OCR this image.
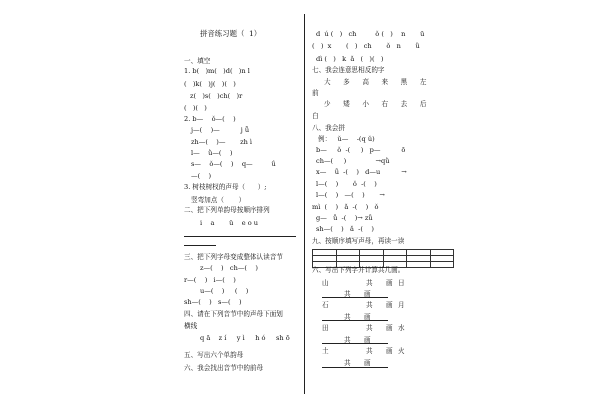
拼音练习题（  1）
一、填空
1. b(   )m(   )d(   )n l
(   )k(   )j(   )(   )
z(   )s(   )ch(   )r
(   )(   )
2. b—    ǒ—(    )
j—(    )—          j ǖ
zh—(    )—       zh ì
l—    ǜ—(    )
s—    ǒ—(    )    q—         ǘ
—(    )
3. 树枝树杈的声母（      ）;
竖弯加点（       ）
二、把下列单韵母按顺序排列
i    a       ü    e o u
三、把下列字母变成整体认读音节
z—(    )   ch—(    )
r—(    )   i—(    )
u—(    )     (    )
sh—(    )   s—(    )
四、请在下列音节中的声母下面划
横线
q ā    z í     y ì     h ó     sh ō
五、写出六个单韵母
六、我会找出音节中的前母
d  ú (   )   ch         ǒ (   )    n       ū
(   )  x       (   )   ch       ǒ   n       ǜ
dì (   )   k  ǎ   (   )(   )
七、我会连意思相反的字
大      多      高      来      黑      左
前
少      矮      小      右      去      后
白
八、我会拼
例：   ǔ—    ‑(q ǔ)
b—     ǒ  ‑(     )   p—          ō
ch—(     )              →qǜ
x—    ǚ  ‑(    )   d—u          →
l—(    )       ǒ  ‑(    )
l—(    )   —(    )       →
mì  (    )   ǎ  ‑(    )   ǒ
g—   ǚ  ‑(    )→ zǚ
sh—(    )   ǎ  ‑(    )
九、按顺序填写声母，再读一读

六、写出下列字并计算共几画。
山	共 画 日
共 画
石	共 画 月
共 画
田	共 画 水
共 画
土	共 画 火
共 画
